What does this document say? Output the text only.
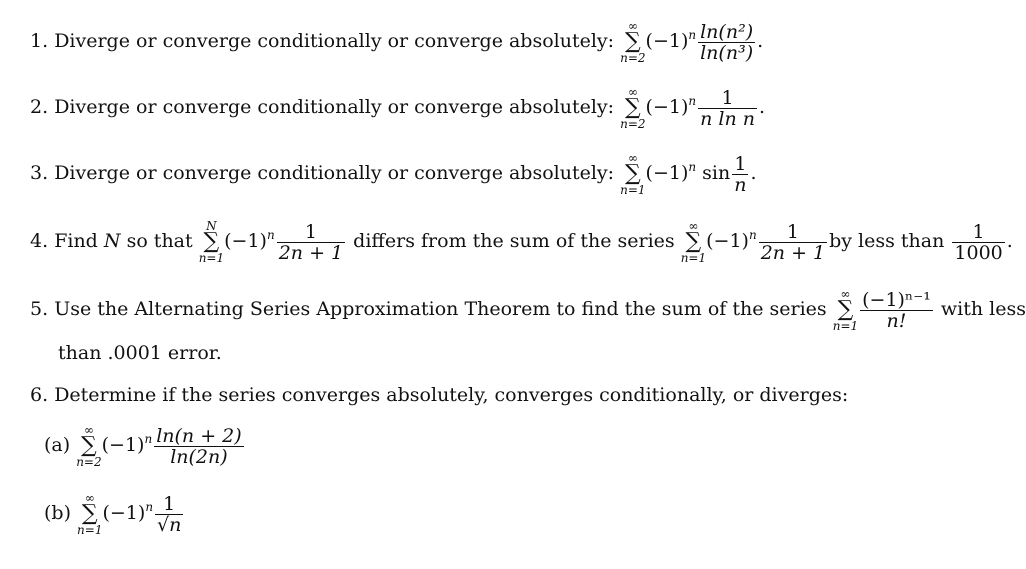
1. Diverge or converge conditionally or converge absolutely:
∞
∑
n=2
$(-1)^n \frac{\text{ln(n²)}}{\text{ln(n³)}}$ .
2. Diverge or converge conditionally or converge absolutely:
∞
∑
n=2
$(-1)^n \frac{1}{\text{n ln n}}$ .
3. Diverge or converge conditionally or converge absolutely:
∞
∑
n=1
$(-1)^n$ $\sin \frac{1}{n}$ .
4. Find N so that
N
∑
n=1
$(-1)^n \frac{1}{2n + 1}$ differs from the sum of the series
∞
∑
n=1
$(-1)^n \frac{1}{2n + 1}$ by less than $\frac{1}{1000}$ .
5. Use the Alternating Series Approximation Theorem to find the sum of the series
∞
∑
$n=1 \frac{\text{(−1)ⁿ⁻¹}}{n!}$ with less
than .0001 error.
6. Determine if the series converges absolutely, converges conditionally, or diverges:
(a)
∞
∑
n=2
$(-1)^n \frac{\ln(n + 2)}{\ln(2n)}$
(b)
∞
∑
n=1
$(-1)^n \frac{1}{√n}$
